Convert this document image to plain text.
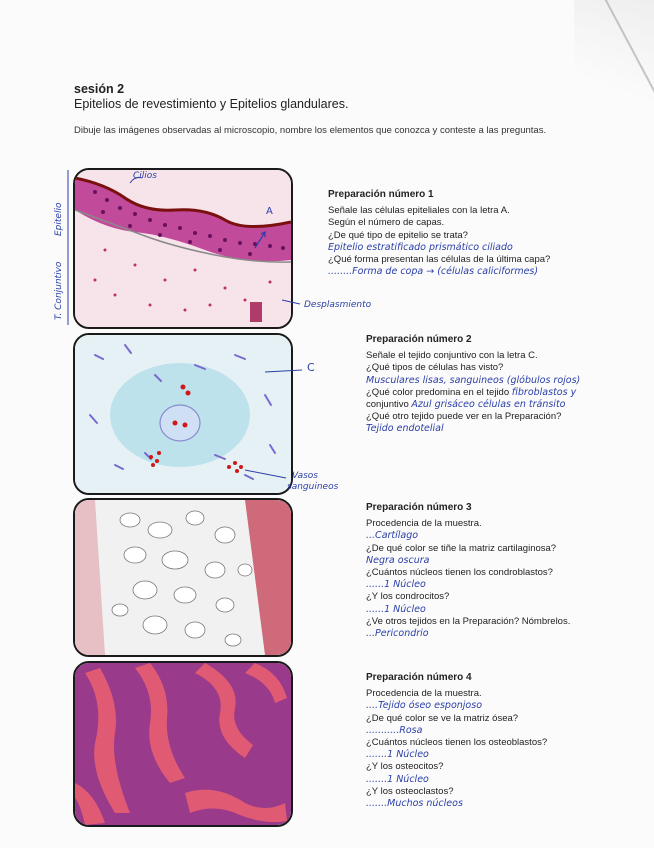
sesión 2
Epitelios de revestimiento y Epitelios glandulares.
Dibuje las imágenes observadas al microscopio, nombre los elementos que conozca y conteste a las preguntas.
Epitelio
T. Conjuntivo
Cilios
A
Desplasmiento
C
Vasos
sanguineos
Preparación número 1
Señale las células epiteliales con la letra A.
Según el número de capas.
¿De qué tipo de epitelio se trata?
Epitelio estratificado prismático ciliado
¿Qué forma presentan las células de la última capa?
........Forma de copa → (células caliciformes)
Preparación número 2
Señale el tejido conjuntivo con la letra C.
¿Qué tipos de células has visto?
Musculares lisas, sanguineos (glóbulos rojos)
¿Qué color predomina en el tejido fibroblastos y
conjuntivo Azul grisáceo células en tránsito
¿Qué otro tejido puede ver en la Preparación?
Tejido endotelial
Preparación número 3
Procedencia de la muestra.
...Cartílago
¿De qué color se tiñe la matriz cartilaginosa?
Negra oscura
¿Cuántos núcleos tienen los condroblastos?
......1 Núcleo
¿Y los condrocitos?
......1 Núcleo
¿Ve otros tejidos en la Preparación? Nómbrelos.
...Pericondrio
Preparación número 4
Procedencia de la muestra.
....Tejido óseo esponjoso
¿De qué color se ve la matriz ósea?
...........Rosa
¿Cuántos núcleos tienen los osteoblastos?
.......1 Núcleo
¿Y los osteocitos?
.......1 Núcleo
¿Y los osteoclastos?
.......Muchos núcleos
